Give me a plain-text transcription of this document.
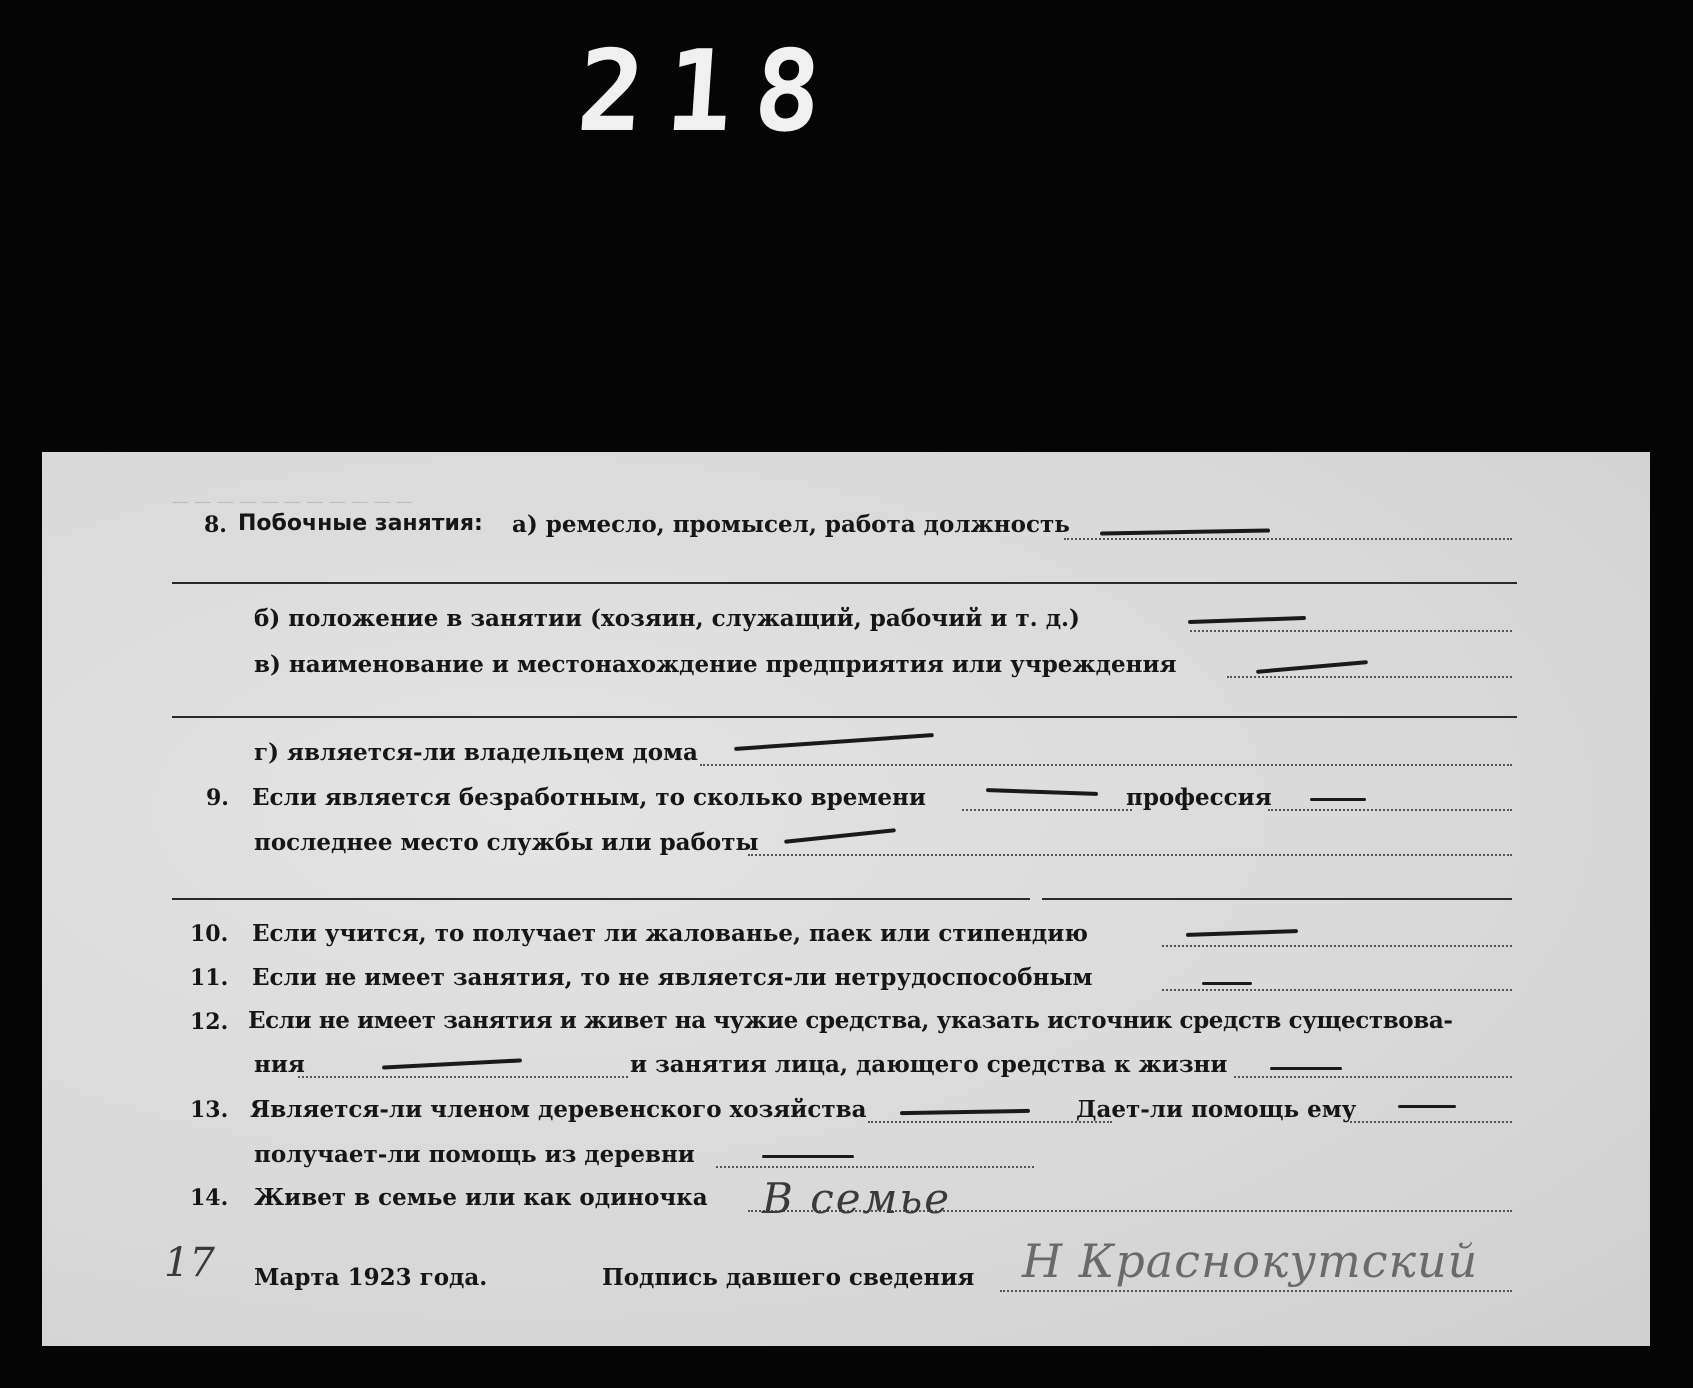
218
— — — — — — — — — — —
8. Побочные занятия: а) ремесло, промысел, работа должность
б) положение в занятии (хозяин, служащий, рабочий и т. д.)
в) наименование и местонахождение предприятия или учреждения
г) является-ли владельцем дома
9. Если является безработным, то сколько времени	профессия
последнее место службы или работы
10. Если учится, то получает ли жалованье, паек или стипендию
11. Если не имеет занятия, то не является-ли нетрудоспособным
12. Если не имеет занятия и живет на чужие средства, указать источник средств существова-
ния	и занятия лица, дающего средства к жизни
13. Является-ли членом деревенского хозяйства	Дает-ли помощь ему
получает-ли помощь из деревни
14. Живет в семье или как одиночка В семье
17 Марта 1923 года.	Подпись давшего сведения Н Краснокутский
